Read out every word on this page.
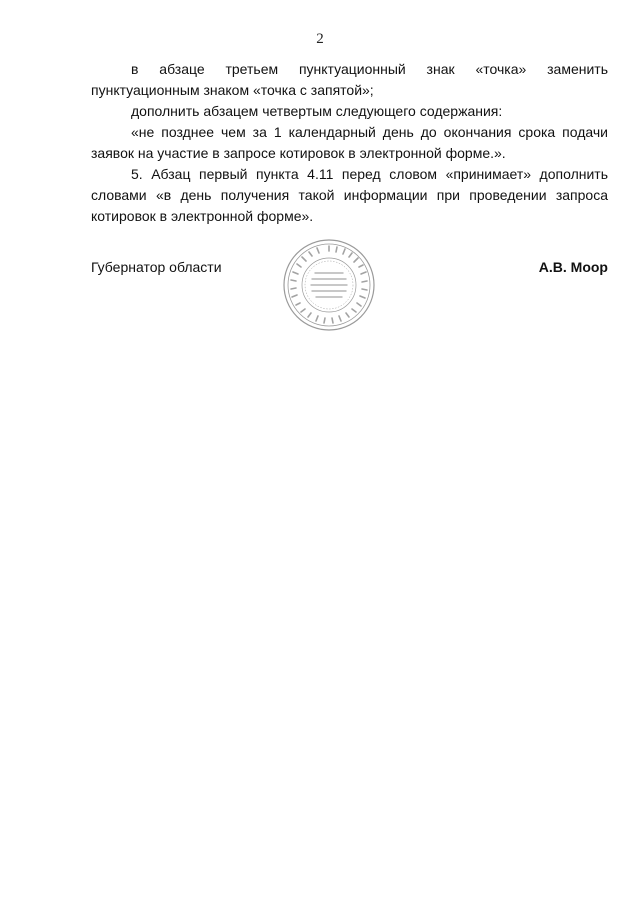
2

в абзаце третьем пунктуационный знак «точка» заменить пунктуационным знаком «точка с запятой»;

дополнить абзацем четвертым следующего содержания:

«не позднее чем за 1 календарный день до окончания срока подачи заявок на участие в запросе котировок в электронной форме.».

5. Абзац первый пункта 4.11 перед словом «принимает» дополнить словами «в день получения такой информации при проведении запроса котировок в электронной форме».

Губернатор области	А.В. Моор
